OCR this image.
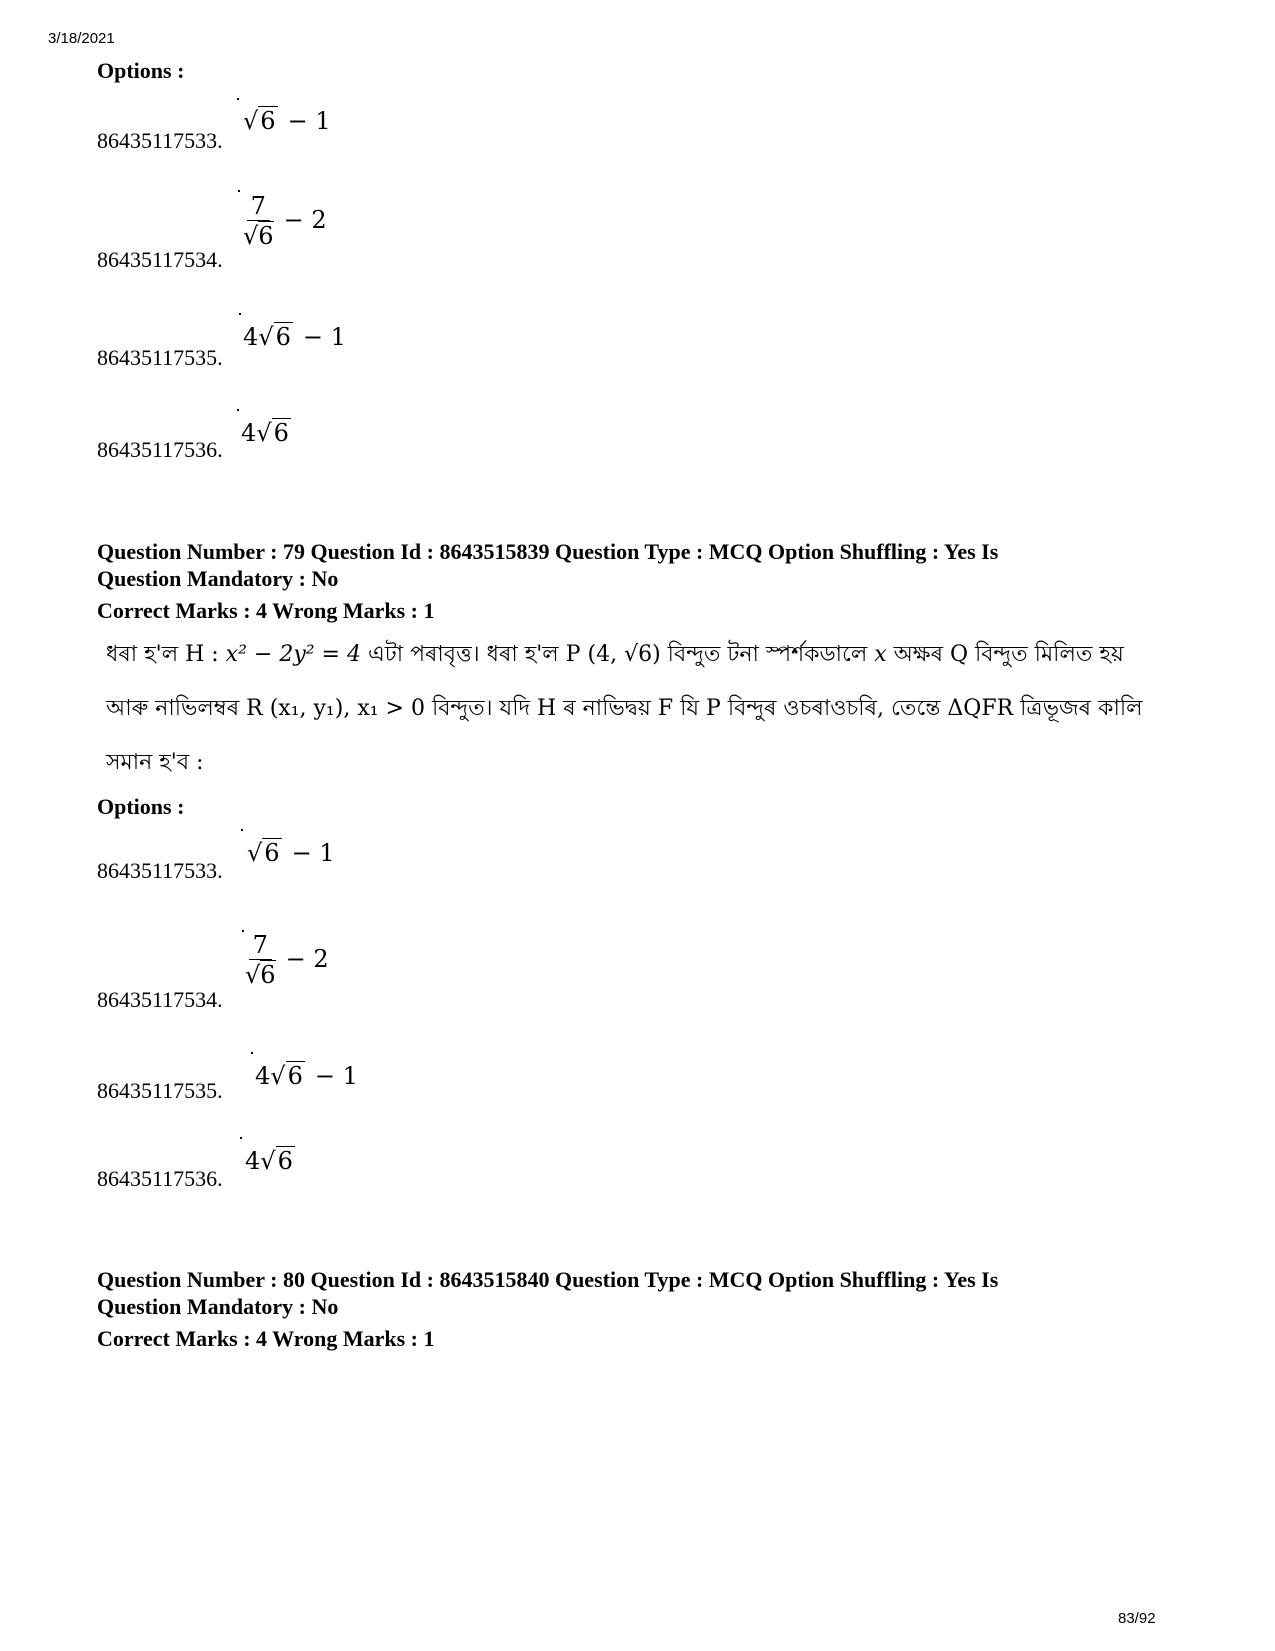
3/18/2021
83/92
Options :
86435117533.
√6 − 1
86435117534.
$\frac{7}{√6} - 2$
86435117535.
4√6 − 1
86435117536.
4√6
Question Number : 79 Question Id : 8643515839 Question Type : MCQ Option Shuffling : Yes Is
Question Mandatory : No
Correct Marks : 4 Wrong Marks : 1
ধৰা হ'ল H : x² − 2y² = 4 এটা পৰাবৃত্ত। ধৰা হ'ল P (4, √6) বিন্দুত টনা স্পৰ্শকডালে x অক্ষৰ Q বিন্দুত মিলিত হয়
আৰু নাভিলম্বৰ R (x₁, y₁), x₁ > 0 বিন্দুত। যদি H ৰ নাভিদ্বয় F যি P বিন্দুৰ ওচৰাওচৰি, তেন্তে ΔQFR ত্ৰিভূজৰ কালি
সমান হ'ব :
Options :
86435117533.
√6 − 1
86435117534.
$\frac{7}{√6} - 2$
86435117535.
4√6 − 1
86435117536.
4√6
Question Number : 80 Question Id : 8643515840 Question Type : MCQ Option Shuffling : Yes Is
Question Mandatory : No
Correct Marks : 4 Wrong Marks : 1
